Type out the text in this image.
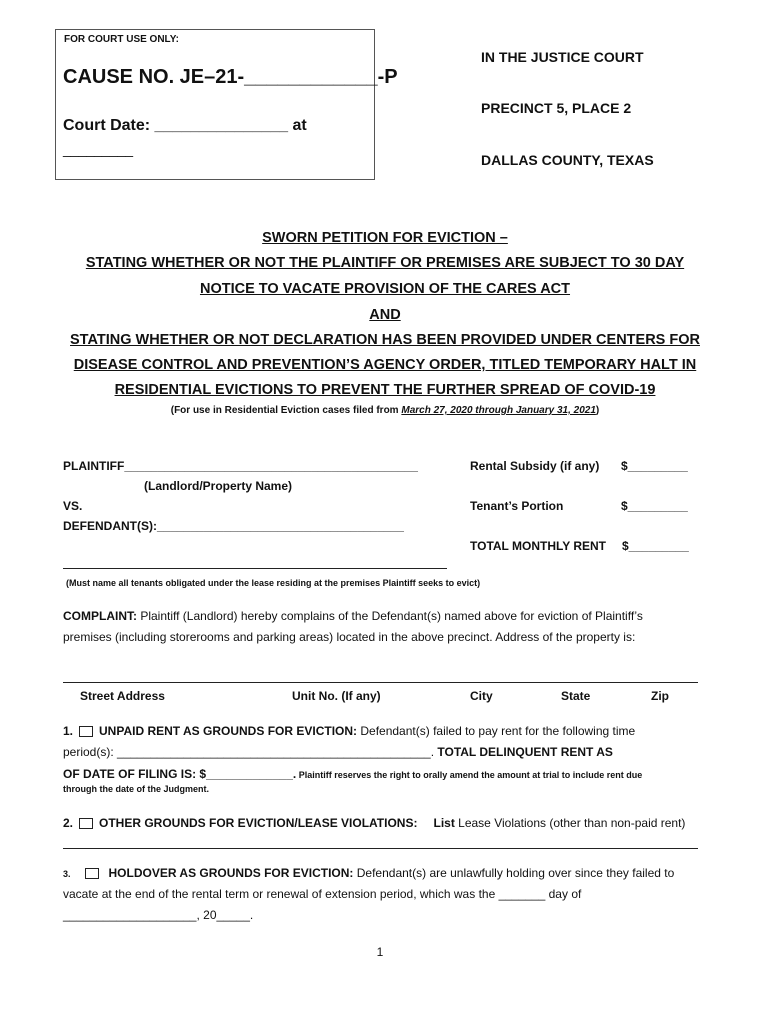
FOR COURT USE ONLY:
CAUSE NO. JE–21-____________-P
Court Date: _______________ at
_________
IN THE JUSTICE COURT
PRECINCT 5, PLACE 2
DALLAS COUNTY, TEXAS
SWORN PETITION FOR EVICTION –
STATING WHETHER OR NOT THE PLAINTIFF OR PREMISES ARE SUBJECT TO 30 DAY
NOTICE TO VACATE PROVISION OF THE CARES ACT
AND
STATING WHETHER OR NOT DECLARATION HAS BEEN PROVIDED UNDER CENTERS FOR
DISEASE CONTROL AND PREVENTION’S AGENCY ORDER, TITLED TEMPORARY HALT IN
RESIDENTIAL EVICTIONS TO PREVENT THE FURTHER SPREAD OF COVID-19
(For use in Residential Eviction cases filed from March 27, 2020 through January 31, 2021)
PLAINTIFF____________________________________________
(Landlord/Property Name)
VS.
DEFENDANT(S):_____________________________________
(Must name all tenants obligated under the lease residing at the premises Plaintiff seeks to evict)
Rental Subsidy (if any) $_________
Tenant’s Portion	$_________
TOTAL MONTHLY RENT $_________
COMPLAINT: Plaintiff (Landlord) hereby complains of the Defendant(s) named above for eviction of Plaintiff’s
premises (including storerooms and parking areas) located in the above precinct. Address of the property is:
Street Address	Unit No. (If any)	City	State	Zip
1. UNPAID RENT AS GROUNDS FOR EVICTION: Defendant(s) failed to pay rent for the following time
period(s): _______________________________________________. TOTAL DELINQUENT RENT AS
OF DATE OF FILING IS: $_____________. Plaintiff reserves the right to orally amend the amount at trial to include rent due
through the date of the Judgment.
2. OTHER GROUNDS FOR EVICTION/LEASE VIOLATIONS: List Lease Violations (other than non-paid rent)
3.	HOLDOVER AS GROUNDS FOR EVICTION: Defendant(s) are unlawfully holding over since they failed to
vacate at the end of the rental term or renewal of extension period, which was the _______ day of
____________________, 20_____.
1
